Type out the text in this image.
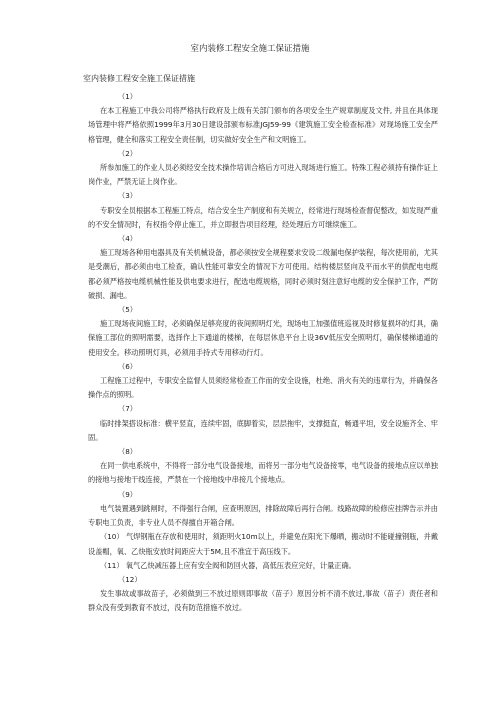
室内装修工程安全施工保证措施
室内装修工程安全施工保证措施
（1）
在本工程施工中我公司将严格执行政府及上级有关部门颁布的各项安全生产规章制度及文件, 并且在具体现场管理中将严格依照1999年3月30日建设部颁布标准JGJ59-99《建筑施工安全检查标准》对现场施工安全严格管理，健全和落实工程安全责任制，切实做好安全生产和文明施工。
（2）
所参加施工的作业人员必须经安全技术操作培训合格后方可进入现场进行施工。特殊工程必须持有操作证上岗作业，严禁无证上岗作业。
（3）
专职安全员根据本工程施工特点，结合安全生产制度和有关规立，经常进行现场检查督促整改，如发现严重的不安全情况时，有权指令停止施工，并立即报告项目经理，经处理后方可继续施工。
（4）
施工现场各种用电器具及有关机械设备，都必须按安全规程要求安设二级漏电保护装程，每次使用前，尤其是受潮后，都必须由电工检查，确认性能可靠安全的情况下方可使用。结构楼层竖向及平而水平的供配电电缆都必须严格按电缆机械性能及供电要求进行，配选电缆规格，同时必须时刻注意好电缆的安全保护工作，严防破损、漏电。
（5）
施工现场夜间施工时，必须确保足够亮度的夜间照明灯光，现场电工加强值班巡视及时修复损坏的灯具，确保施工部位的照明需要，选择作上下通道的楼梯，在每层休息平台上设36V低压安全照明灯，确保楼梯通道的使用安全。移动照明灯具，必须用手持式专用移动行灯。
（6）
工程施工过程中，专职安全监督人员须经常检查工作而的安全设施，杜绝、消火有关的违章行为，并确保各操作点的照明。
（7）
临时排架搭设标准：横平竖直，连续牢固，底脚着实，层层拖牢，支撑挺直，畅通平坦，安全设施齐全、牢固。
（8）
在同一供电系统中，不得将一部分电气设备接地，而将另一部分电气设备接零，电气设备的接地点应以单独的接地与接地干线连接，严禁在一个接地线中串接几个接地点。
（9）
电气装置遇到跳闸时，不得强行合闸，应查明原因，排除故障后再行合闸。线路故障的检修应挂牌告示并由专职电工负责，非专业人员不得擅自开箱合闸。
（10） 气焊钢瓶在存放和使用时，须距明火10m以上，并避免在阳光下爆晒，搬动时不能碰撞钢瓶，并戴设盖帽，氧、乙炔瓶安放时间距应大于5M,且不准宜于高压线下。
（11） 氧气乙炔减压器上应有安全阀和防回火器，高低压表应完好，计量正确。
（12）
发生事故或事故苗子，必须做到三不放过原则即事故（苗子）原因分析不清不放过,事故（苗子）责任者和群众没有受到教育不放过，没有防范措施不放过。
